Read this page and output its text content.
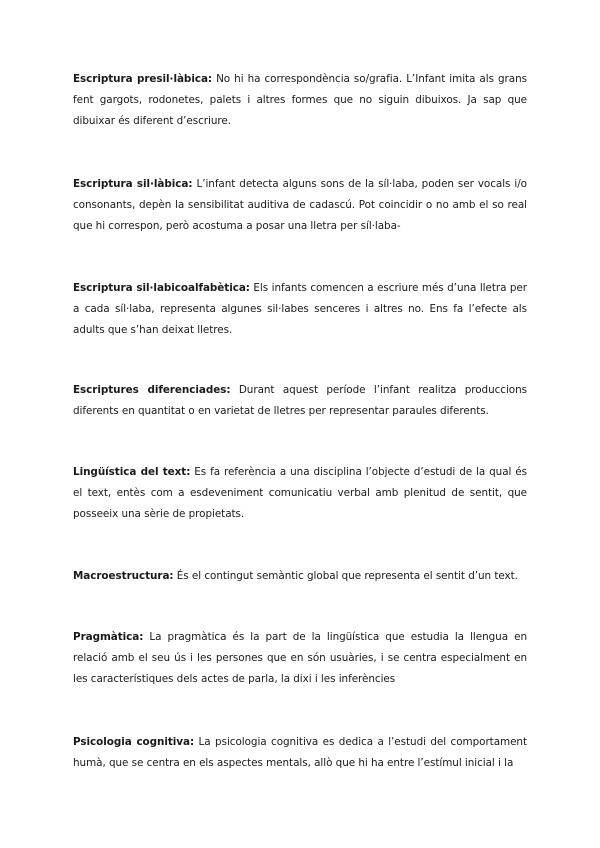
Escriptura presil·làbica: No hi ha correspondència so/grafia. L’Infant imita als grans fent gargots, rodonetes, palets i altres formes que no siguin dibuixos. Ja sap que dibuixar és diferent d’escriure.

Escriptura sil·làbica: L’infant detecta alguns sons de la síl·laba, poden ser vocals i/o consonants, depèn la sensibilitat auditiva de cadascú. Pot coincidir o no amb el so real que hi correspon, però acostuma a posar una lletra per síl·laba-

Escriptura sil·labicoalfabètica: Els infants comencen a escriure més d’una lletra per a cada síl·laba, representa algunes sil·labes senceres i altres no. Ens fa l’efecte als adults que s’han deixat lletres.

Escriptures diferenciades: Durant aquest període l’infant realitza produccions diferents en quantitat o en varietat de lletres per representar paraules diferents.

Lingüística del text: Es fa referència a una disciplina l’objecte d’estudi de la qual és el text, entès com a esdeveniment comunicatiu verbal amb plenitud de sentit, que posseeix una sèrie de propietats.

Macroestructura: És el contingut semàntic global que representa el sentit d’un text.

Pragmàtica: La pragmàtica és la part de la lingüística que estudia la llengua en relació amb el seu ús i les persones que en són usuàries, i se centra especialment en les característiques dels actes de parla, la dixi i les inferències

Psicologia cognitiva: La psicologia cognitiva es dedica a l’estudi del comportament humà, que se centra en els aspectes mentals, allò que hi ha entre l’estímul inicial i la
